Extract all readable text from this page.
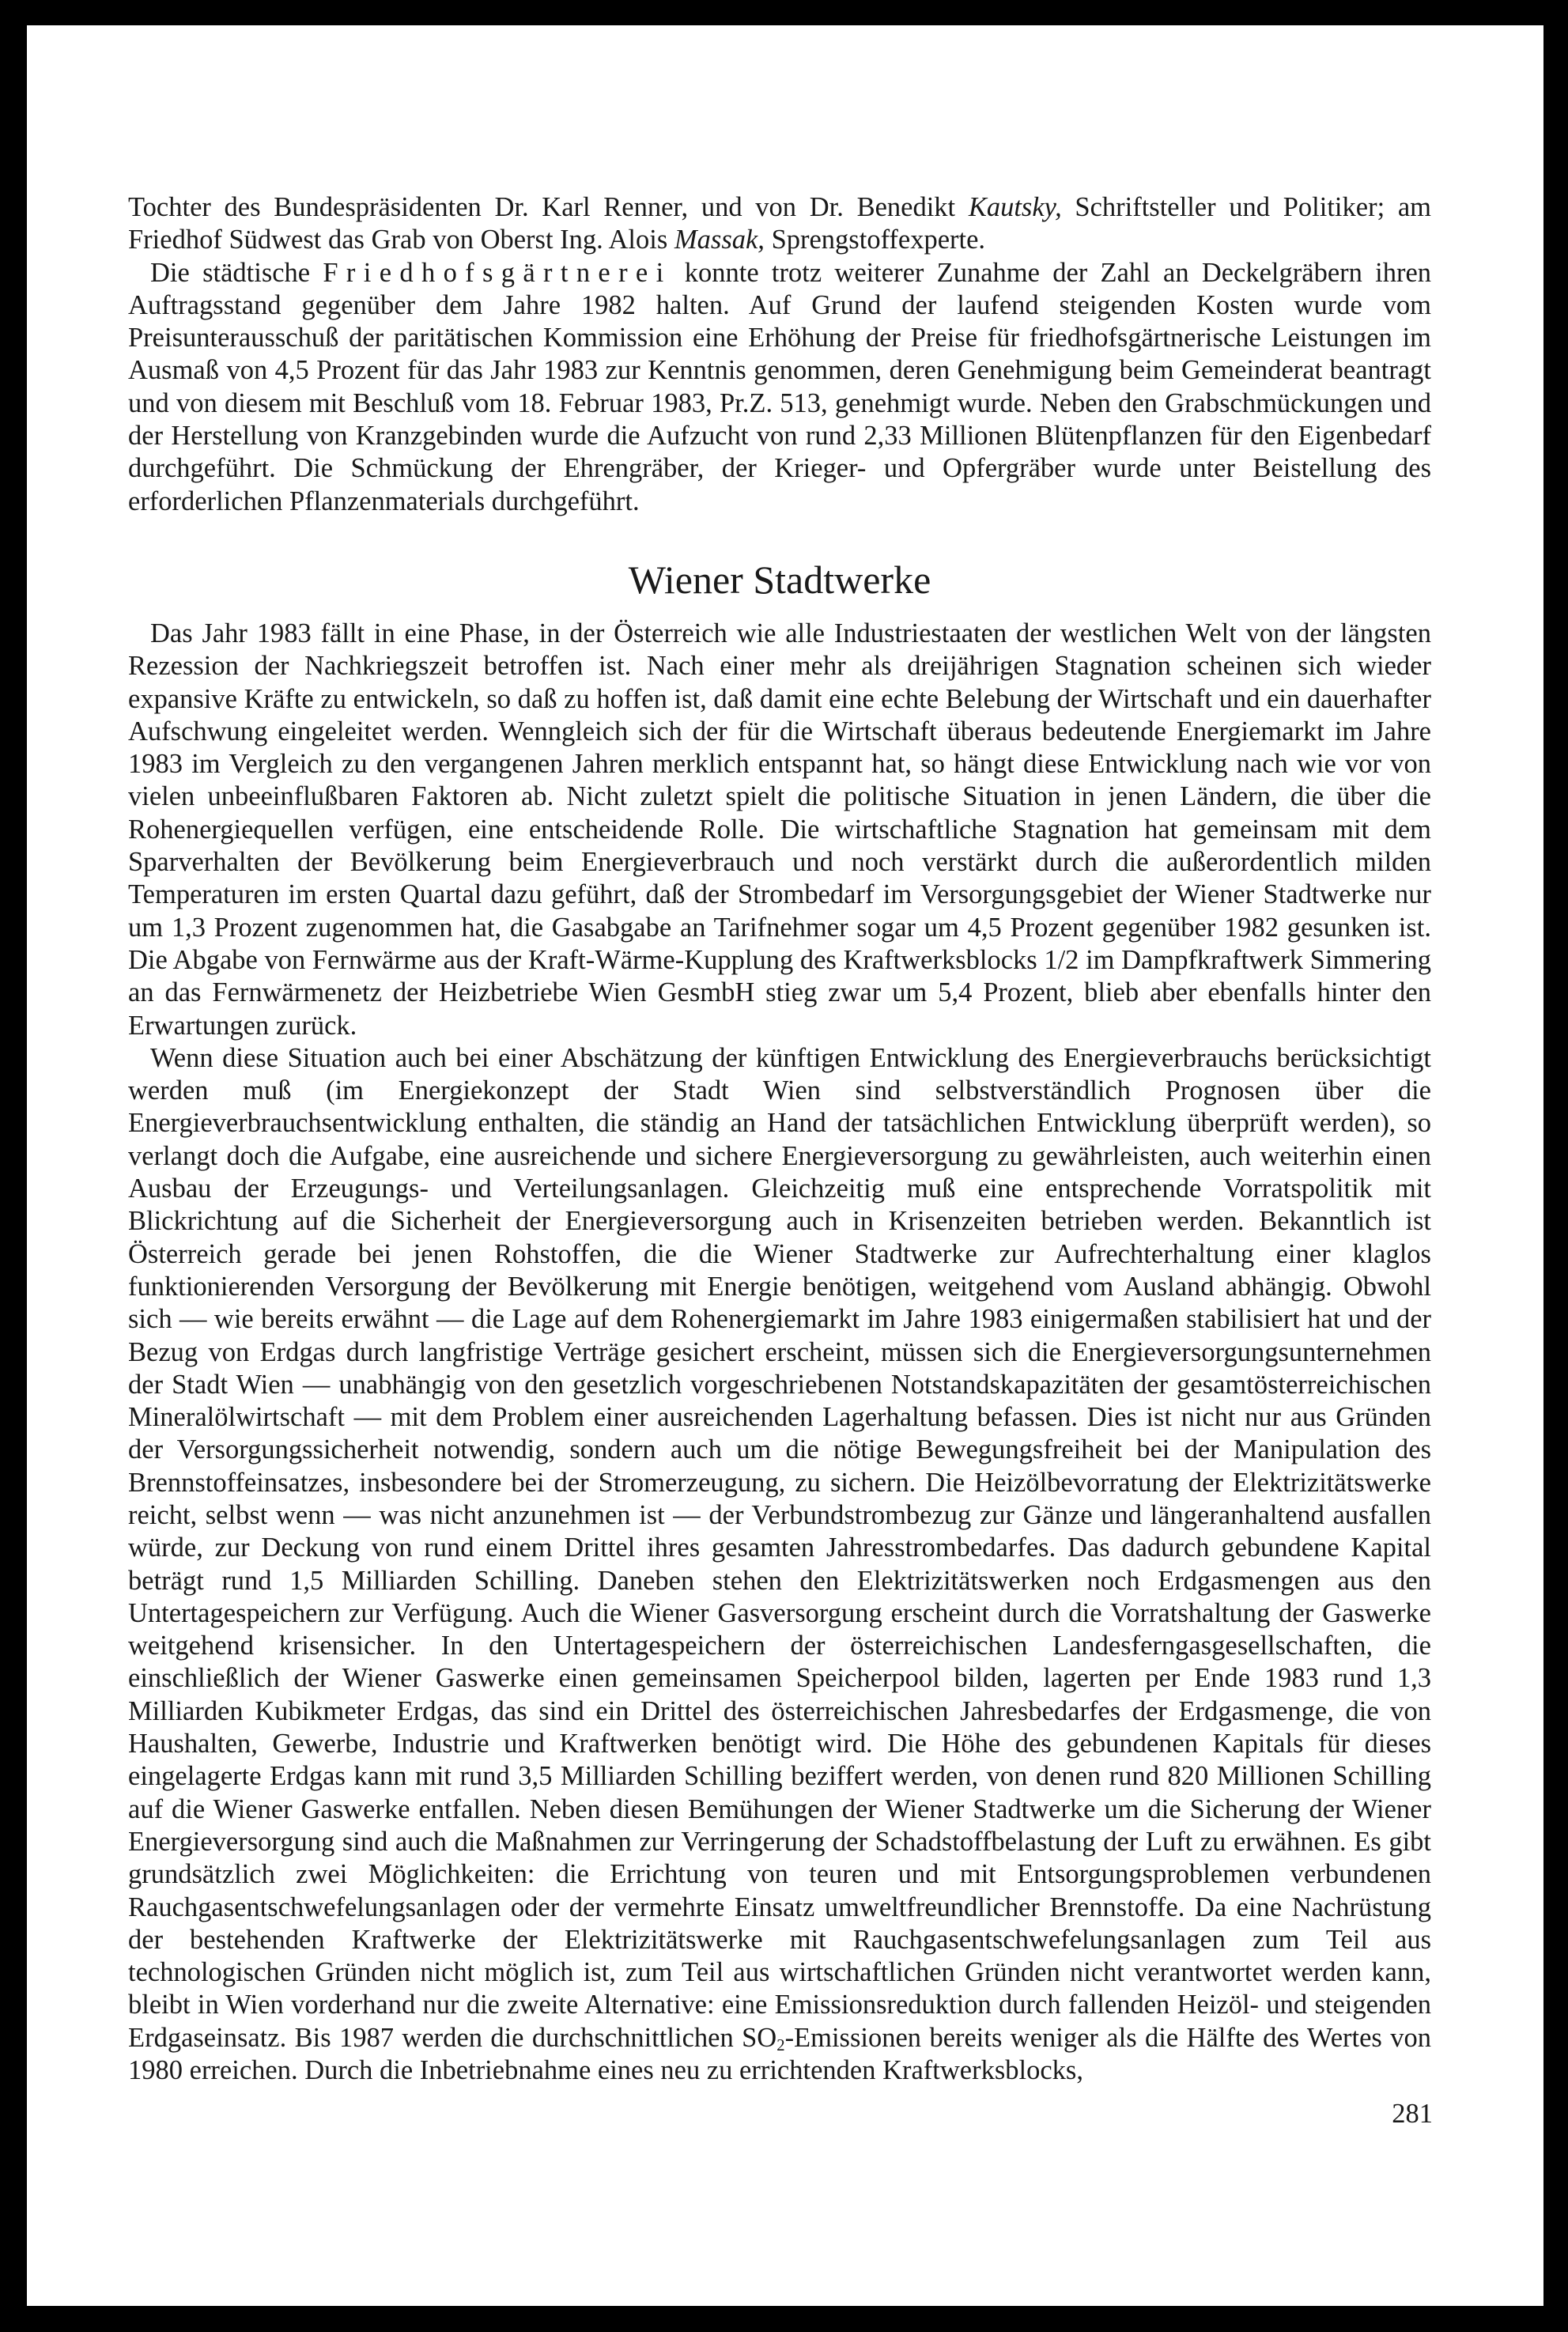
Tochter des Bundespräsidenten Dr. Karl Renner, und von Dr. Benedikt Kautsky, Schriftsteller und Politiker; am Friedhof Südwest das Grab von Oberst Ing. Alois Massak, Sprengstoffexperte.

Die städtische Friedhofsgärtnerei konnte trotz weiterer Zunahme der Zahl an Deckelgräbern ihren Auftragsstand gegenüber dem Jahre 1982 halten. Auf Grund der laufend steigenden Kosten wurde vom Preisunterausschuß der paritätischen Kommission eine Erhöhung der Preise für friedhofsgärtnerische Leistungen im Ausmaß von 4,5 Prozent für das Jahr 1983 zur Kenntnis genommen, deren Genehmigung beim Gemeinderat beantragt und von diesem mit Beschluß vom 18. Februar 1983, Pr.Z. 513, genehmigt wurde. Neben den Grabschmückungen und der Herstellung von Kranzgebinden wurde die Aufzucht von rund 2,33 Millionen Blütenpflanzen für den Eigenbedarf durchgeführt. Die Schmückung der Ehrengräber, der Krieger- und Opfergräber wurde unter Beistellung des erforderlichen Pflanzenmaterials durchgeführt.

Wiener Stadtwerke

Das Jahr 1983 fällt in eine Phase, in der Österreich wie alle Industriestaaten der westlichen Welt von der längsten Rezession der Nachkriegszeit betroffen ist. Nach einer mehr als dreijährigen Stagnation scheinen sich wieder expansive Kräfte zu entwickeln, so daß zu hoffen ist, daß damit eine echte Belebung der Wirtschaft und ein dauerhafter Aufschwung eingeleitet werden. Wenngleich sich der für die Wirtschaft überaus bedeutende Energiemarkt im Jahre 1983 im Vergleich zu den vergangenen Jahren merklich entspannt hat, so hängt diese Entwicklung nach wie vor von vielen unbeeinflußbaren Faktoren ab. Nicht zuletzt spielt die politische Situation in jenen Ländern, die über die Rohenergiequellen verfügen, eine entscheidende Rolle. Die wirtschaftliche Stagnation hat gemeinsam mit dem Sparverhalten der Bevölkerung beim Energieverbrauch und noch verstärkt durch die außerordentlich milden Temperaturen im ersten Quartal dazu geführt, daß der Strombedarf im Versorgungsgebiet der Wiener Stadtwerke nur um 1,3 Prozent zugenommen hat, die Gasabgabe an Tarifnehmer sogar um 4,5 Prozent gegenüber 1982 gesunken ist. Die Abgabe von Fernwärme aus der Kraft-Wärme-Kupplung des Kraftwerksblocks 1/2 im Dampfkraftwerk Simmering an das Fernwärmenetz der Heizbetriebe Wien GesmbH stieg zwar um 5,4 Prozent, blieb aber ebenfalls hinter den Erwartungen zurück.

Wenn diese Situation auch bei einer Abschätzung der künftigen Entwicklung des Energieverbrauchs berücksichtigt werden muß (im Energiekonzept der Stadt Wien sind selbstverständlich Prognosen über die Energieverbrauchsentwicklung enthalten, die ständig an Hand der tatsächlichen Entwicklung überprüft werden), so verlangt doch die Aufgabe, eine ausreichende und sichere Energieversorgung zu gewährleisten, auch weiterhin einen Ausbau der Erzeugungs- und Verteilungsanlagen. Gleichzeitig muß eine entsprechende Vorratspolitik mit Blickrichtung auf die Sicherheit der Energieversorgung auch in Krisenzeiten betrieben werden. Bekanntlich ist Österreich gerade bei jenen Rohstoffen, die die Wiener Stadtwerke zur Aufrechterhaltung einer klaglos funktionierenden Versorgung der Bevölkerung mit Energie benötigen, weitgehend vom Ausland abhängig. Obwohl sich — wie bereits erwähnt — die Lage auf dem Rohenergiemarkt im Jahre 1983 einigermaßen stabilisiert hat und der Bezug von Erdgas durch langfristige Verträge gesichert erscheint, müssen sich die Energieversorgungsunternehmen der Stadt Wien — unabhängig von den gesetzlich vorgeschriebenen Notstandskapazitäten der gesamtösterreichischen Mineralölwirtschaft — mit dem Problem einer ausreichenden Lagerhaltung befassen. Dies ist nicht nur aus Gründen der Versorgungssicherheit notwendig, sondern auch um die nötige Bewegungsfreiheit bei der Manipulation des Brennstoffeinsatzes, insbesondere bei der Stromerzeugung, zu sichern. Die Heizölbevorratung der Elektrizitätswerke reicht, selbst wenn — was nicht anzunehmen ist — der Verbundstrombezug zur Gänze und längeranhaltend ausfallen würde, zur Deckung von rund einem Drittel ihres gesamten Jahresstrombedarfes. Das dadurch gebundene Kapital beträgt rund 1,5 Milliarden Schilling. Daneben stehen den Elektrizitätswerken noch Erdgasmengen aus den Untertagespeichern zur Verfügung. Auch die Wiener Gasversorgung erscheint durch die Vorratshaltung der Gaswerke weitgehend krisensicher. In den Untertagespeichern der österreichischen Landesferngasgesellschaften, die einschließlich der Wiener Gaswerke einen gemeinsamen Speicherpool bilden, lagerten per Ende 1983 rund 1,3 Milliarden Kubikmeter Erdgas, das sind ein Drittel des österreichischen Jahresbedarfes der Erdgasmenge, die von Haushalten, Gewerbe, Industrie und Kraftwerken benötigt wird. Die Höhe des gebundenen Kapitals für dieses eingelagerte Erdgas kann mit rund 3,5 Milliarden Schilling beziffert werden, von denen rund 820 Millionen Schilling auf die Wiener Gaswerke entfallen. Neben diesen Bemühungen der Wiener Stadtwerke um die Sicherung der Wiener Energieversorgung sind auch die Maßnahmen zur Verringerung der Schadstoffbelastung der Luft zu erwähnen. Es gibt grundsätzlich zwei Möglichkeiten: die Errichtung von teuren und mit Entsorgungsproblemen verbundenen Rauchgasentschwefelungsanlagen oder der vermehrte Einsatz umweltfreundlicher Brennstoffe. Da eine Nachrüstung der bestehenden Kraftwerke der Elektrizitätswerke mit Rauchgasentschwefelungsanlagen zum Teil aus technologischen Gründen nicht möglich ist, zum Teil aus wirtschaftlichen Gründen nicht verantwortet werden kann, bleibt in Wien vorderhand nur die zweite Alternative: eine Emissionsreduktion durch fallenden Heizöl- und steigenden Erdgaseinsatz. Bis 1987 werden die durchschnittlichen $SO_2$-Emissionen bereits weniger als die Hälfte des Wertes von 1980 erreichen. Durch die Inbetriebnahme eines neu zu errichtenden Kraftwerksblocks,

281
